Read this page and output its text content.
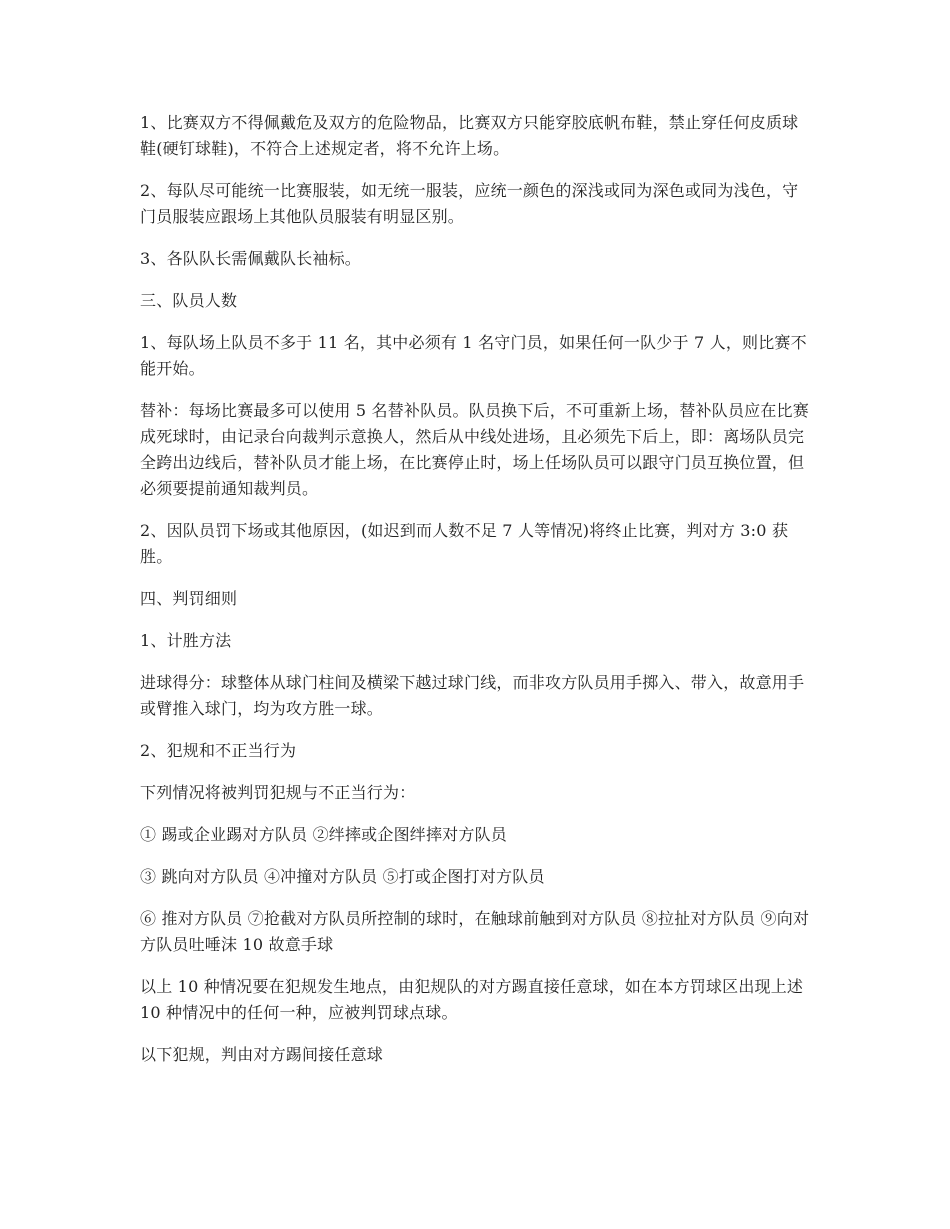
1、比赛双方不得佩戴危及双方的危险物品，比赛双方只能穿胶底帆布鞋，禁止穿任何皮质球鞋(硬钉球鞋)，不符合上述规定者，将不允许上场。

2、每队尽可能统一比赛服装，如无统一服装，应统一颜色的深浅或同为深色或同为浅色，守门员服装应跟场上其他队员服装有明显区别。

3、各队队长需佩戴队长袖标。

三、队员人数

1、每队场上队员不多于 11 名，其中必须有 1 名守门员，如果任何一队少于 7 人，则比赛不能开始。

替补：每场比赛最多可以使用 5 名替补队员。队员换下后，不可重新上场，替补队员应在比赛成死球时，由记录台向裁判示意换人，然后从中线处进场，且必须先下后上，即：离场队员完全跨出边线后，替补队员才能上场，在比赛停止时，场上任场队员可以跟守门员互换位置，但必须要提前通知裁判员。

2、因队员罚下场或其他原因，(如迟到而人数不足 7 人等情况)将终止比赛，判对方 3:0 获胜。

四、判罚细则

1、计胜方法

进球得分：球整体从球门柱间及横梁下越过球门线，而非攻方队员用手掷入、带入，故意用手或臂推入球门，均为攻方胜一球。

2、犯规和不正当行为

下列情况将被判罚犯规与不正当行为：

① 踢或企业踢对方队员 ②绊摔或企图绊摔对方队员

③ 跳向对方队员 ④冲撞对方队员 ⑤打或企图打对方队员

⑥ 推对方队员 ⑦抢截对方队员所控制的球时，在触球前触到对方队员 ⑧拉扯对方队员 ⑨向对方队员吐唾沫 10 故意手球

以上 10 种情况要在犯规发生地点，由犯规队的对方踢直接任意球，如在本方罚球区出现上述 10 种情况中的任何一种，应被判罚球点球。

以下犯规，判由对方踢间接任意球
